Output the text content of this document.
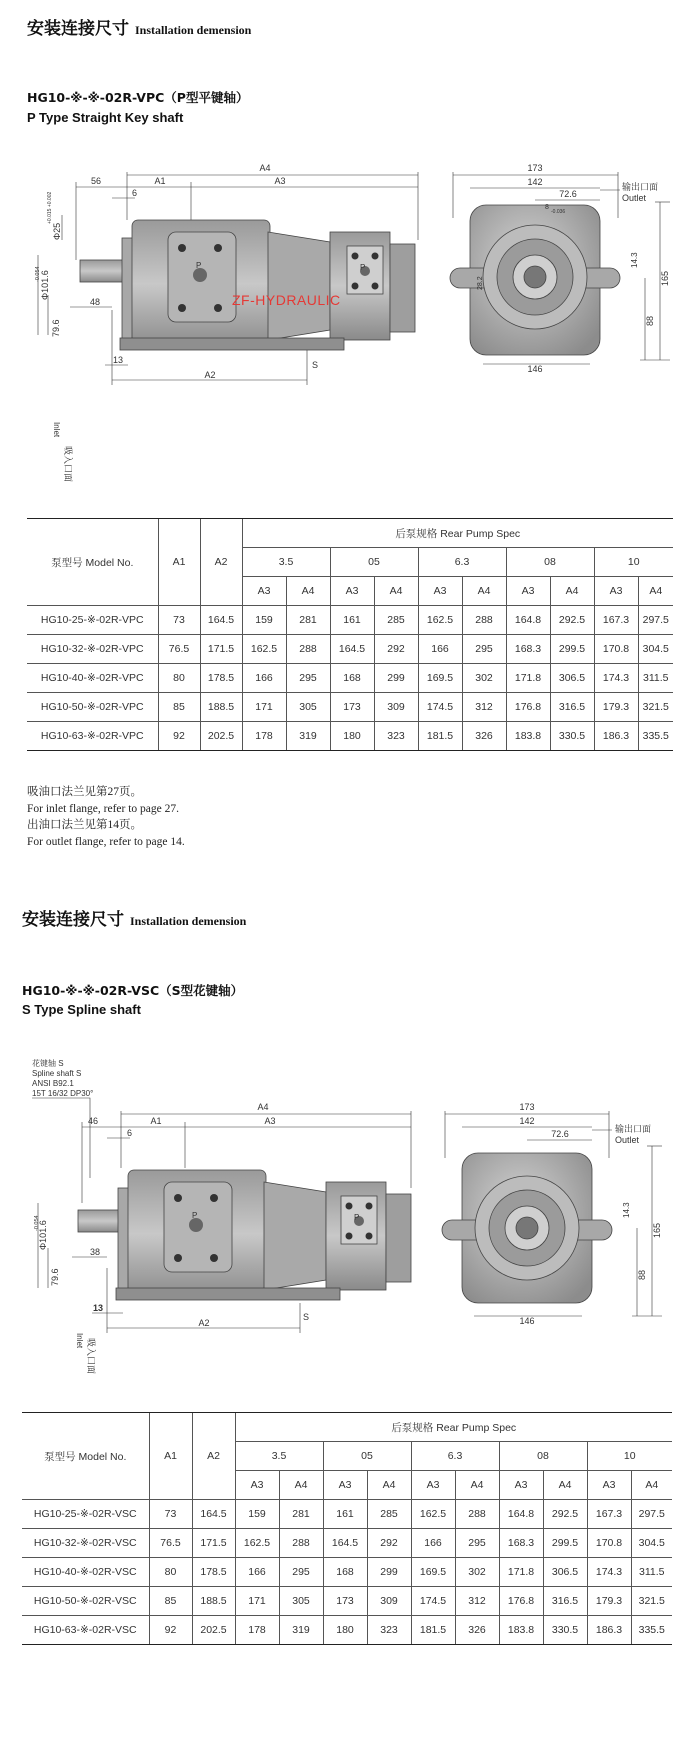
安装连接尺寸 Installation demension
HG10-※-※-02R-VPC（P型平键轴）
P Type Straight Key shaft
A4
A1	A3
56
6
A2
13
48
S
P	P
79.6
Φ101.6
-0.054
Φ25
+0.015 +0.002
吸入口面
Inlet
ZF-HYDRAULIC
173
142
72.6
8
-0.036
146
165
88
14.3
28.2
输出口面
Outlet
泵型号 Model No.	A1	A2	后泵规格 Rear Pump Spec									
			3.5		05		6.3		08		10	
			A3	A4	A3	A4	A3	A4	A3	A4	A3	A4
HG10-25-※-02R-VPC	73	164.5	159	281	161	285	162.5	288	164.8	292.5	167.3	297.5
HG10-32-※-02R-VPC	76.5	171.5	162.5	288	164.5	292	166	295	168.3	299.5	170.8	304.5
HG10-40-※-02R-VPC	80	178.5	166	295	168	299	169.5	302	171.8	306.5	174.3	311.5
HG10-50-※-02R-VPC	85	188.5	171	305	173	309	174.5	312	176.8	316.5	179.3	321.5
HG10-63-※-02R-VPC	92	202.5	178	319	180	323	181.5	326	183.8	330.5	186.3	335.5
吸油口法兰见第27页。
For inlet flange, refer to page 27.
出油口法兰见第14页。
For outlet flange, refer to page 14.
安装连接尺寸 Installation demension
HG10-※-※-02R-VSC（S型花键轴）
S Type Spline shaft
花键轴 S
Spline shaft S
ANSI B92.1
15T 16/32 DP30°
A4
A1	A3
46
6
A2
13
38
S
P	P
79.6
Φ101.6
-0.054
吸入口面
Inlet
173
142
72.6
146
165
88
14.3
输出口面
Outlet
泵型号 Model No.	A1	A2	后泵规格 Rear Pump Spec									
			3.5		05		6.3		08		10	
			A3	A4	A3	A4	A3	A4	A3	A4	A3	A4
HG10-25-※-02R-VSC	73	164.5	159	281	161	285	162.5	288	164.8	292.5	167.3	297.5
HG10-32-※-02R-VSC	76.5	171.5	162.5	288	164.5	292	166	295	168.3	299.5	170.8	304.5
HG10-40-※-02R-VSC	80	178.5	166	295	168	299	169.5	302	171.8	306.5	174.3	311.5
HG10-50-※-02R-VSC	85	188.5	171	305	173	309	174.5	312	176.8	316.5	179.3	321.5
HG10-63-※-02R-VSC	92	202.5	178	319	180	323	181.5	326	183.8	330.5	186.3	335.5
